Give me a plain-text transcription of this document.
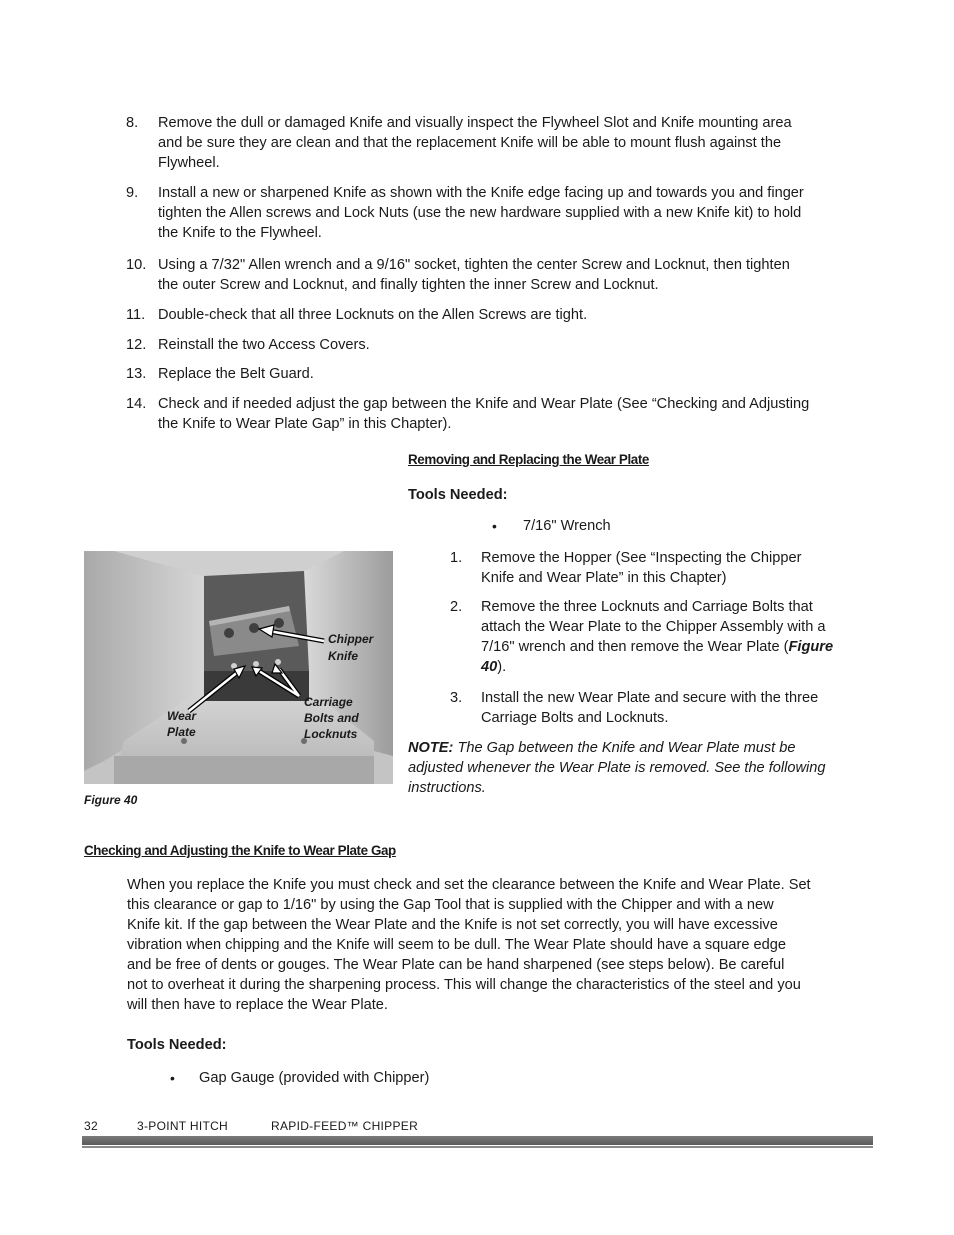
8. Remove the dull or damaged Knife and visually inspect the Flywheel Slot and Knife mounting area
and be sure they are clean and that the replacement Knife will be able to mount flush against the
Flywheel.
9. Install a new or sharpened Knife as shown with the Knife edge facing up and towards you and finger
tighten the Allen screws and Lock Nuts (use the new hardware supplied with a new Knife kit) to hold
the Knife to the Flywheel.
10. Using a 7/32" Allen wrench and a 9/16" socket, tighten the center Screw and Locknut, then tighten
the outer Screw and Locknut, and finally tighten the inner Screw and Locknut.
11. Double-check that all three Locknuts on the Allen Screws are tight.
12. Reinstall the two Access Covers.
13. Replace the Belt Guard.
14. Check and if needed adjust the gap between the Knife and Wear Plate (See “Checking and Adjusting
the Knife to Wear Plate Gap” in this Chapter).
Removing and Replacing the Wear Plate
Tools Needed:
• 7/16" Wrench
1. Remove the Hopper (See “Inspecting the Chipper
Knife and Wear Plate” in this Chapter)
2. Remove the three Locknuts and Carriage Bolts that
attach the Wear Plate to the Chipper Assembly with a
7/16" wrench and then remove the Wear Plate (Figure
40).
3. Install the new Wear Plate and secure with the three
Carriage Bolts and Locknuts.
NOTE: The Gap between the Knife and Wear Plate must be
adjusted whenever the Wear Plate is removed. See the following
instructions.
Chipper
Knife
Wear
Plate
Carriage
Bolts and
Locknuts
Figure 40
Checking and Adjusting the Knife to Wear Plate Gap
When you replace the Knife you must check and set the clearance between the Knife and Wear Plate. Set
this clearance or gap to 1/16" by using the Gap Tool that is supplied with the Chipper and with a new
Knife kit. If the gap between the Wear Plate and the Knife is not set correctly, you will have excessive
vibration when chipping and the Knife will seem to be dull. The Wear Plate should have a square edge
and be free of dents or gouges. The Wear Plate can be hand sharpened (see steps below). Be careful
not to overheat it during the sharpening process. This will change the characteristics of the steel and you
will then have to replace the Wear Plate.
Tools Needed:
• Gap Gauge (provided with Chipper)
32	3-POINT HITCH	RAPID-FEED™ CHIPPER
